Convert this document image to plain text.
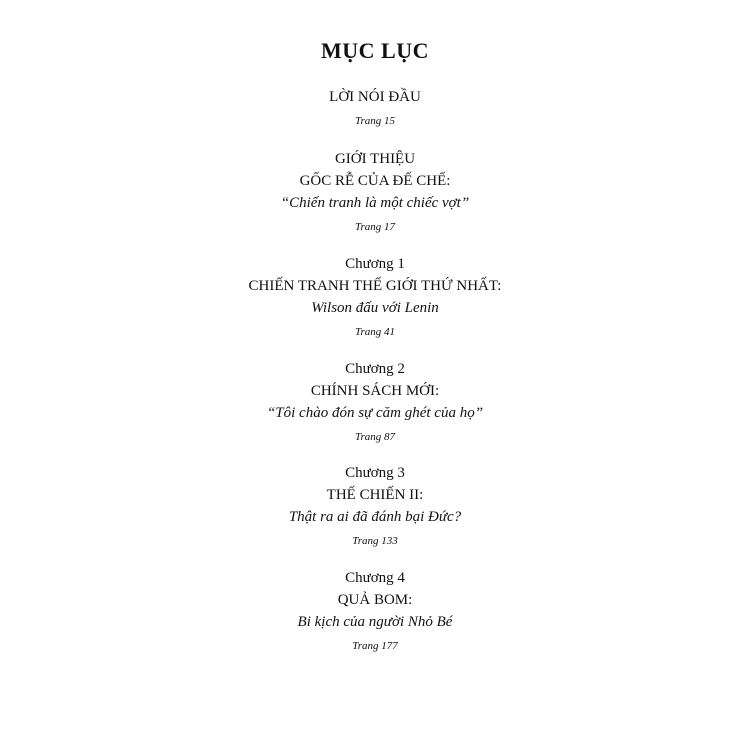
MỤC LỤC
LỜI NÓI ĐẦU
Trang 15
GIỚI THIỆU
GỐC RỄ CỦA ĐẾ CHẾ:
“Chiến tranh là một chiếc vợt”
Trang 17
Chương 1
CHIẾN TRANH THẾ GIỚI THỨ NHẤT:
Wilson đấu với Lenin
Trang 41
Chương 2
CHÍNH SÁCH MỚI:
“Tôi chào đón sự căm ghét của họ”
Trang 87
Chương 3
THẾ CHIẾN II:
Thật ra ai đã đánh bại Đức?
Trang 133
Chương 4
QUẢ BOM:
Bi kịch của người Nhỏ Bé
Trang 177
